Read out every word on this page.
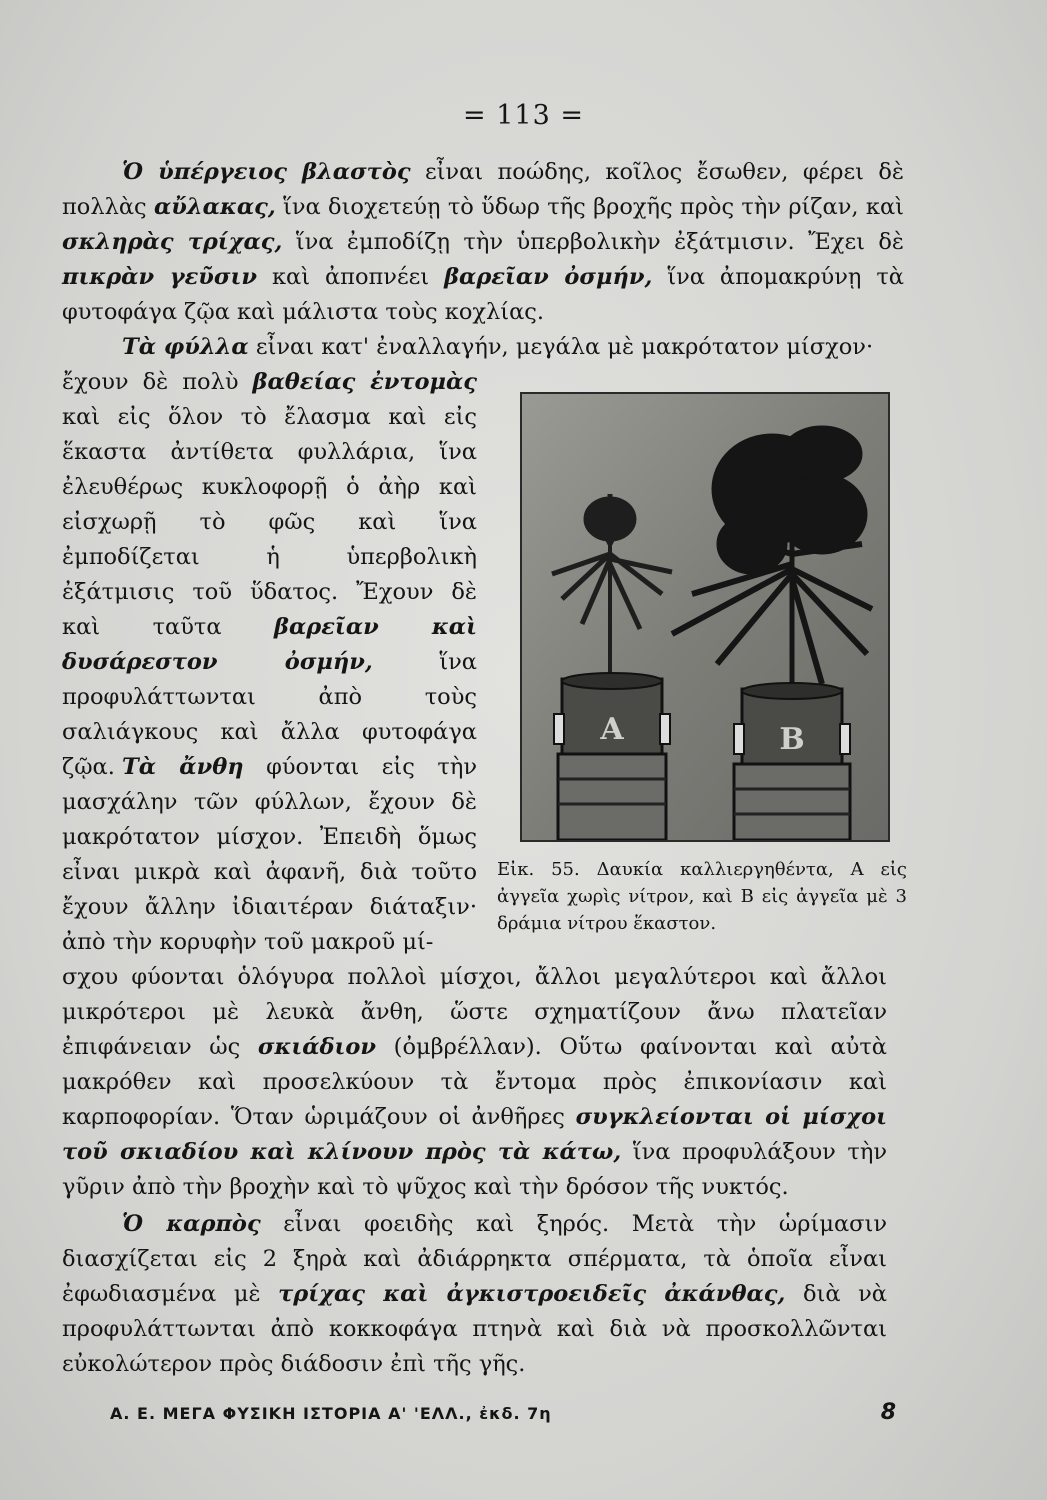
= 113 =

Ὁ ὑπέργειος βλαστὸς εἶναι ποώδης, κοῖλος ἔσωθεν, φέρει δὲ πολλὰς αὔλακας, ἵνα διοχετεύῃ τὸ ὕδωρ τῆς βροχῆς πρὸς τὴν ρίζαν, καὶ σκληρὰς τρίχας, ἵνα ἐμποδίζῃ τὴν ὑπερβολικὴν ἐξάτμισιν. Ἔχει δὲ πικρὰν γεῦσιν καὶ ἀποπνέει βαρεῖαν ὀσμήν, ἵνα ἀπομακρύνῃ τὰ φυτοφάγα ζῷα καὶ μάλιστα τοὺς κοχλίας.

Τὰ φύλλα εἶναι κατ' ἐναλλαγήν, μεγάλα μὲ μακρότατον μίσχον·

ἔχουν δὲ πολὺ βαθείας ἐντομὰς καὶ εἰς ὅλον τὸ ἔλασμα καὶ εἰς ἕκαστα ἀντίθετα φυλλάρια, ἵνα ἐλευθέρως κυκλοφορῇ ὁ ἀὴρ καὶ εἰσχωρῇ τὸ φῶς καὶ ἵνα ἐμποδίζεται ἡ ὑπερβολικὴ ἐξάτμισις τοῦ ὕδατος. Ἔχουν δὲ καὶ ταῦτα βαρεῖαν καὶ δυσάρεστον ὀσμήν, ἵνα προφυλάττωνται ἀπὸ τοὺς σαλιάγκους καὶ ἄλλα φυτοφάγα ζῷα.

A	B

Τὰ ἄνθη φύονται εἰς τὴν μασχάλην τῶν φύλλων, ἔχουν δὲ μακρότατον μίσχον. Ἐπειδὴ ὅμως εἶναι μικρὰ καὶ ἀφανῆ, διὰ τοῦτο ἔχουν ἄλλην ἰδιαιτέραν διάταξιν· ἀπὸ τὴν κορυφὴν τοῦ μακροῦ μί-

Εἰκ. 55. Δαυκία καλλιεργηθέντα, A εἰς ἀγγεῖα χωρὶς νίτρον, καὶ B εἰς ἀγγεῖα μὲ 3 δράμια νίτρου ἕκαστον.

σχου φύονται ὁλόγυρα πολλοὶ μίσχοι, ἄλλοι μεγαλύτεροι καὶ ἄλλοι μικρότεροι μὲ λευκὰ ἄνθη, ὥστε σχηματίζουν ἄνω πλατεῖαν ἐπιφάνειαν ὡς σκιάδιον (ὀμβρέλλαν). Οὕτω φαίνονται καὶ αὐτὰ μακρόθεν καὶ προσελκύουν τὰ ἔντομα πρὸς ἐπικονίασιν καὶ καρποφορίαν. Ὅταν ὡριμάζουν οἱ ἀνθῆρες συγκλείονται οἱ μίσχοι τοῦ σκιαδίου καὶ κλίνουν πρὸς τὰ κάτω, ἵνα προφυλάξουν τὴν γῦριν ἀπὸ τὴν βροχὴν καὶ τὸ ψῦχος καὶ τὴν δρόσον τῆς νυκτός.

Ὁ καρπὸς εἶναι φοειδὴς καὶ ξηρός. Μετὰ τὴν ὡρίμασιν διασχίζεται εἰς 2 ξηρὰ καὶ ἀδιάρρηκτα σπέρματα, τὰ ὁποῖα εἶναι ἐφωδιασμένα μὲ τρίχας καὶ ἀγκιστροειδεῖς ἀκάνθας, διὰ νὰ προφυλάττωνται ἀπὸ κοκκοφάγα πτηνὰ καὶ διὰ νὰ προσκολλῶνται εὐκολώτερον πρὸς διάδοσιν ἐπὶ τῆς γῆς.

Α. Ε. ΜΕΓΑ ΦΥΣΙΚΗ ΙΣΤΟΡΙΑ Α' 'ΕΛΛ., ἐκδ. 7η	8
